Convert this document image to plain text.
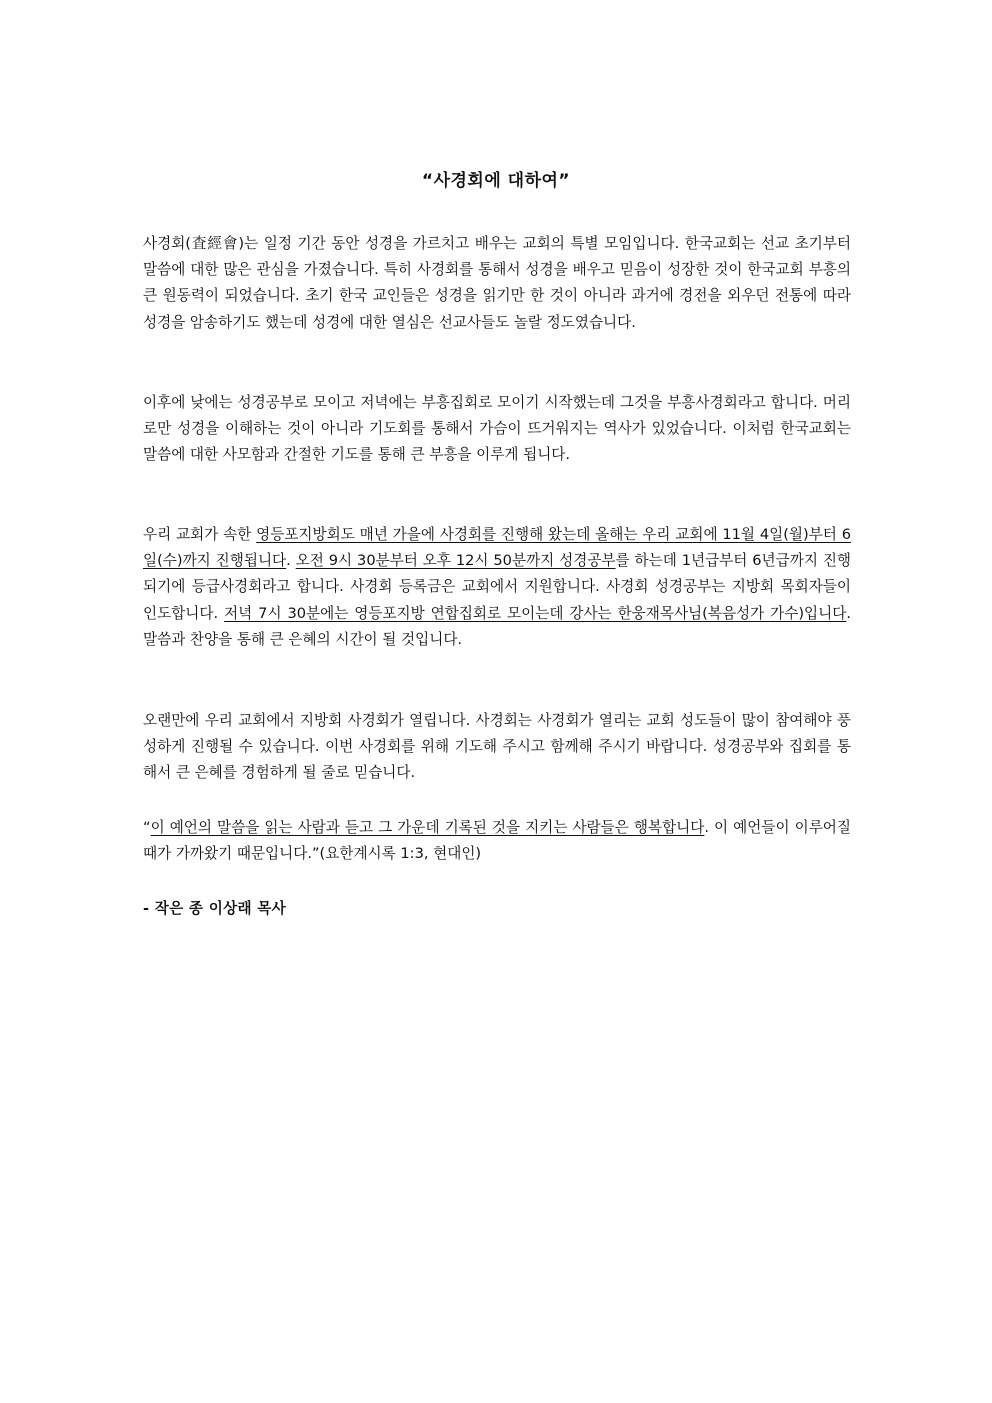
“사경회에 대하여”

사경회(査經會)는 일정 기간 동안 성경을 가르치고 배우는 교회의 특별 모임입니다. 한국교회는 선교 초기부터 말씀에 대한 많은 관심을 가졌습니다. 특히 사경회를 통해서 성경을 배우고 믿음이 성장한 것이 한국교회 부흥의 큰 원동력이 되었습니다. 초기 한국 교인들은 성경을 읽기만 한 것이 아니라 과거에 경전을 외우던 전통에 따라 성경을 암송하기도 했는데 성경에 대한 열심은 선교사들도 놀랄 정도였습니다.

이후에 낮에는 성경공부로 모이고 저녁에는 부흥집회로 모이기 시작했는데 그것을 부흥사경회라고 합니다. 머리로만 성경을 이해하는 것이 아니라 기도회를 통해서 가슴이 뜨거워지는 역사가 있었습니다. 이처럼 한국교회는 말씀에 대한 사모함과 간절한 기도를 통해 큰 부흥을 이루게 됩니다.

우리 교회가 속한 영등포지방회도 매년 가을에 사경회를 진행해 왔는데 올해는 우리 교회에 11월 4일(월)부터 6일(수)까지 진행됩니다. 오전 9시 30분부터 오후 12시 50분까지 성경공부를 하는데 1년급부터 6년급까지 진행되기에 등급사경회라고 합니다. 사경회 등록금은 교회에서 지원합니다. 사경회 성경공부는 지방회 목회자들이 인도합니다. 저녁 7시 30분에는 영등포지방 연합집회로 모이는데 강사는 한웅재목사님(복음성가 가수)입니다. 말씀과 찬양을 통해 큰 은혜의 시간이 될 것입니다.

오랜만에 우리 교회에서 지방회 사경회가 열립니다. 사경회는 사경회가 열리는 교회 성도들이 많이 참여해야 풍성하게 진행될 수 있습니다. 이번 사경회를 위해 기도해 주시고 함께해 주시기 바랍니다. 성경공부와 집회를 통해서 큰 은혜를 경험하게 될 줄로 믿습니다.

“이 예언의 말씀을 읽는 사람과 듣고 그 가운데 기록된 것을 지키는 사람들은 행복합니다. 이 예언들이 이루어질 때가 가까왔기 때문입니다.”(요한계시록 1:3, 현대인)

- 작은 종 이상래 목사
